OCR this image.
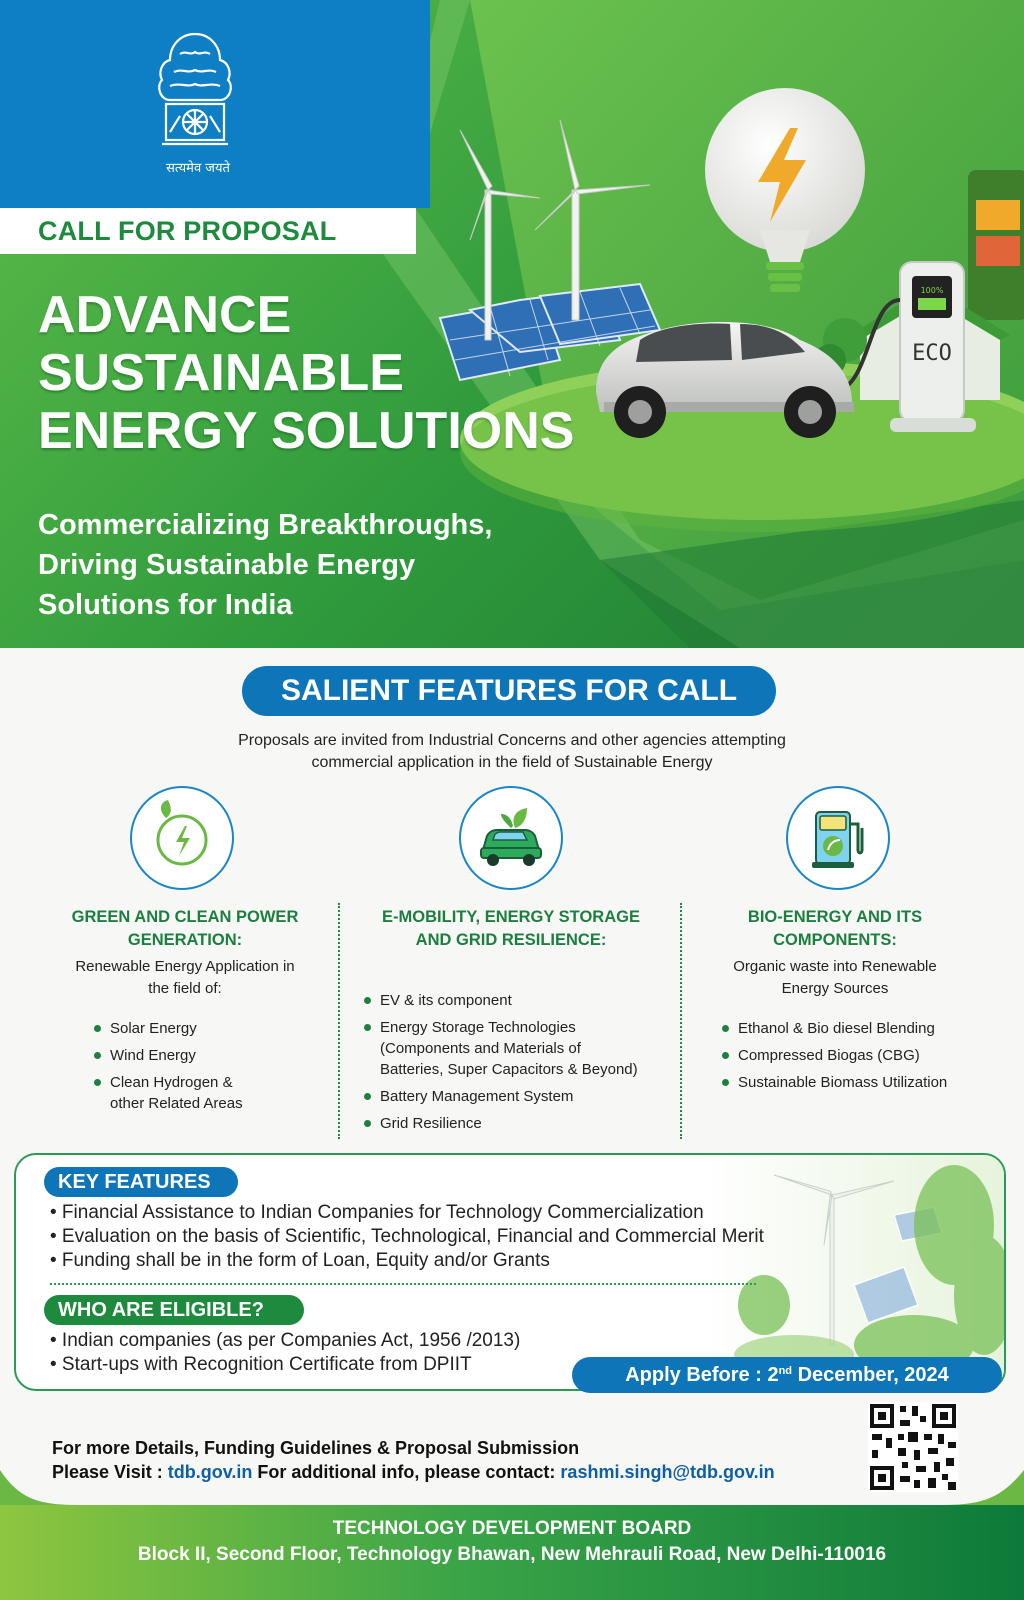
100%
ECO
सत्यमेव जयते
CALL FOR PROPOSAL
ADVANCE
SUSTAINABLE
ENERGY SOLUTIONS
Commercializing Breakthroughs,
Driving Sustainable Energy
Solutions for India
SALIENT FEATURES FOR CALL
Proposals are invited from Industrial Concerns and other agencies attempting
commercial application in the field of Sustainable Energy
GREEN AND CLEAN POWER
GENERATION:
Renewable Energy Application in
the field of:
Solar Energy
Wind Energy
Clean Hydrogen &
other Related Areas
E-MOBILITY, ENERGY STORAGE
AND GRID RESILIENCE:
EV & its component
Energy Storage Technologies
(Components and Materials of
Batteries, Super Capacitors & Beyond)
Battery Management System
Grid Resilience
BIO-ENERGY AND ITS
COMPONENTS:
Organic waste into Renewable
Energy Sources
Ethanol & Bio diesel Blending
Compressed Biogas (CBG)
Sustainable Biomass Utilization
KEY FEATURES
• Financial Assistance to Indian Companies for Technology Commercialization
• Evaluation on the basis of Scientific, Technological, Financial and Commercial Merit
• Funding shall be in the form of Loan, Equity and/or Grants
WHO ARE ELIGIBLE?
• Indian companies (as per Companies Act, 1956 /2013)
• Start-ups with Recognition Certificate from DPIIT	Apply Before : 2nd December, 2024
For more Details, Funding Guidelines & Proposal Submission
Please Visit : tdb.gov.in For additional info, please contact: rashmi.singh@tdb.gov.in
TECHNOLOGY DEVELOPMENT BOARD
Block II, Second Floor, Technology Bhawan, New Mehrauli Road, New Delhi-110016
